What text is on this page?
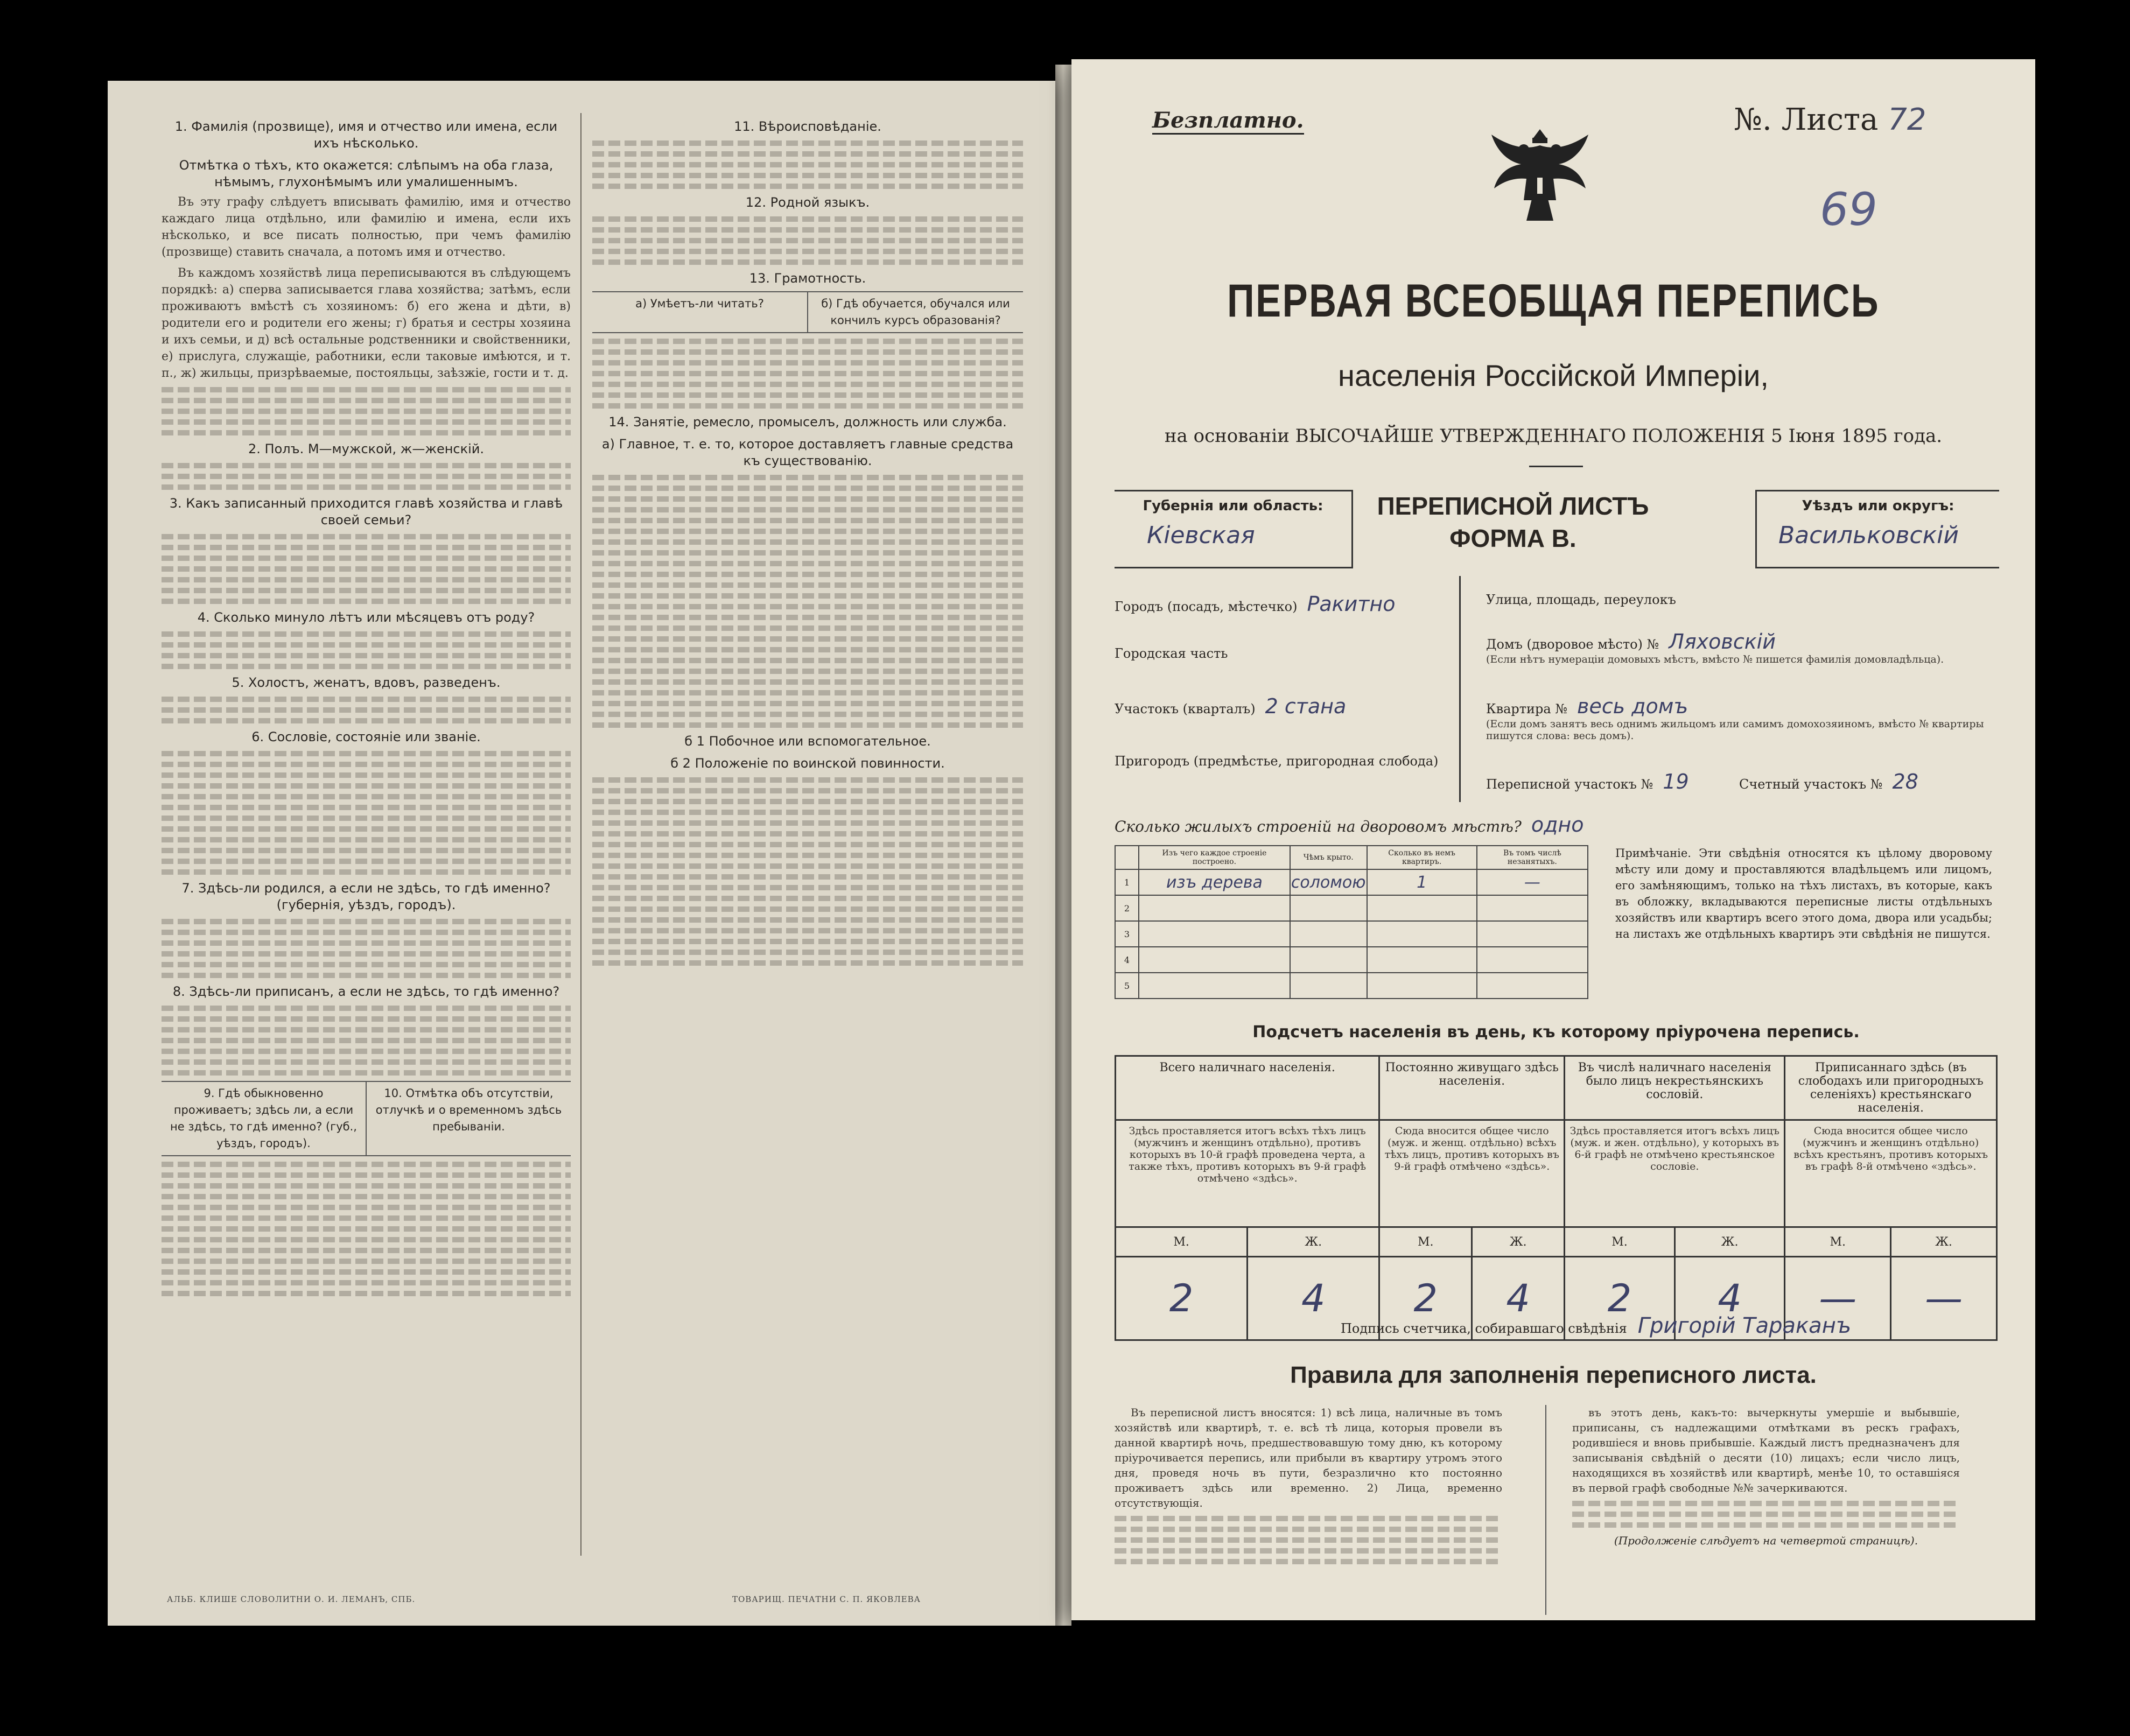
1. Фамилія (прозвище), имя и отчество или имена, если ихъ нѣсколько.
Отмѣтка о тѣхъ, кто окажется: слѣпымъ на оба глаза, нѣмымъ, глухонѣмымъ или умалишеннымъ.

Въ эту графу слѣдуетъ вписывать фамилію, имя и отчество каждаго лица отдѣльно, или фамилію и имена, если ихъ нѣсколько, и все писать полностью, при чемъ фамилію (прозвище) ставить сначала, а потомъ имя и отчество.

Въ каждомъ хозяйствѣ лица переписываются въ слѣдующемъ порядкѣ: а) сперва записывается глава хозяйства; затѣмъ, если проживаютъ вмѣстѣ съ хозяиномъ: б) его жена и дѣти, в) родители его и родители его жены; г) братья и сестры хозяина и ихъ семьи, и д) всѣ остальные родственники и свойственники, е) прислуга, служащіе, работники, если таковые имѣются, и т. п., ж) жильцы, призрѣваемые, постояльцы, заѣзжіе, гости и т. д.

2. Полъ. М—мужской, ж—женскій.
3. Какъ записанный приходится главѣ хозяйства и главѣ своей семьи?
4. Сколько минуло лѣтъ или мѣсяцевъ отъ роду?
5. Холостъ, женатъ, вдовъ, разведенъ.
6. Сословіе, состояніе или званіе.
7. Здѣсь-ли родился, а если не здѣсь, то гдѣ именно? (губернія, уѣздъ, городъ).
8. Здѣсь-ли приписанъ, а если не здѣсь, то гдѣ именно?
9. Гдѣ обыкновенно проживаетъ; здѣсь ли, а если не здѣсь, то гдѣ именно? (губ., уѣздъ, городъ).
10. Отмѣтка объ отсутствіи, отлучкѣ и о временномъ здѣсь пребываніи.
11. Вѣроисповѣданіе.
12. Родной языкъ.
13. Грамотность.
а) Умѣетъ-ли читать?	б) Гдѣ обучается, обучался или кончилъ курсъ образованія?
14. Занятіе, ремесло, промыселъ, должность или служба.
а) Главное, т. е. то, которое доставляетъ главные средства къ существованію.
б 1 Побочное или вспомогательное.
б 2 Положеніе по воинской повинности.
АЛЬБ. КЛИШЕ СЛОВОЛИТНИ О. И. ЛЕМАНЪ, СПБ.	ТОВАРИЩ. ПЕЧАТНИ С. П. ЯКОВЛЕВА
Безплатно.	№. Листа 72
69
ПЕРВАЯ ВСЕОБЩАЯ ПЕРЕПИСЬ
населенія Россійской Имперіи,
на основаніи ВЫСОЧАЙШЕ УТВЕРЖДЕННАГО ПОЛОЖЕНІЯ 5 Іюня 1895 года.
Губернія или область:
Кіевская
ПЕРЕПИСНОЙ ЛИСТЪ
ФОРМА В.
Уѣздъ или округъ:
Васильковскій
Городъ (посадъ, мѣстечко) Ракитно
Городская часть
Участокъ (кварталъ) 2 стана
Пригородъ (предмѣстье, пригородная слобода)
Улица, площадь, переулокъ
Домъ (дворовое мѣсто) № Ляховскій
(Если нѣтъ нумераціи домовыхъ мѣстъ, вмѣсто № пишется фамилія домовладѣльца).
Квартира № весь домъ
(Если домъ занятъ весь однимъ жильцомъ или самимъ домохозяиномъ, вмѣсто № квартиры пишутся слова: весь домъ).
Переписной участокъ № 19	Счетный участокъ № 28
Сколько жилыхъ строеній на дворовомъ мѣстѣ? одно
	Изъ чего каждое строеніе построено.	Чѣмъ крыто.	Сколько въ немъ квартиръ.	Въ томъ числѣ незанятыхъ.
1	изъ дерева	соломою	1	—
2				
3				
4				
5				
Примѣчаніе. Эти свѣдѣнія относятся къ цѣлому дворовому мѣсту или дому и проставляются владѣльцемъ или лицомъ, его замѣняющимъ, только на тѣхъ листахъ, въ которые, какъ въ обложку, вкладываются переписные листы отдѣльныхъ хозяйствъ или квартиръ всего этого дома, двора или усадьбы; на листахъ же отдѣльныхъ квартиръ эти свѣдѣнія не пишутся.
Подсчетъ населенія въ день, къ которому пріурочена перепись.
Всего наличнаго населенія.		Постоянно живущаго здѣсь населенія.		Въ числѣ наличнаго населенія было лицъ некрестьянскихъ сословій.		Приписаннаго здѣсь (въ слободахъ или пригородныхъ селеніяхъ) крестьянскаго населенія.	
Здѣсь проставляется итогъ всѣхъ тѣхъ лицъ (мужчинъ и женщинъ отдѣльно), противъ которыхъ въ 10-й графѣ проведена черта, а также тѣхъ, противъ которыхъ въ 9-й графѣ отмѣчено «здѣсь».		Сюда вносится общее число (муж. и женщ. отдѣльно) всѣхъ тѣхъ лицъ, противъ которыхъ въ 9-й графѣ отмѣчено «здѣсь».		Здѣсь проставляется итогъ всѣхъ лицъ (муж. и жен. отдѣльно), у которыхъ въ 6-й графѣ не отмѣчено крестьянское сословіе.		Сюда вносится общее число (мужчинъ и женщинъ отдѣльно) всѣхъ крестьянъ, противъ которыхъ въ графѣ 8-й отмѣчено «здѣсь».	
М.	Ж.	М.	Ж.	М.	Ж.	М.	Ж.
2	4	2	4	2	4	—	—
Подпись счетчика, собиравшаго свѣдѣнія Григорій Тараканъ
Правила для заполненія переписного листа.

Въ переписной листъ вносятся: 1) всѣ лица, наличные въ томъ хозяйствѣ или квартирѣ, т. е. всѣ тѣ лица, которыя провели въ данной квартирѣ ночь, предшествовавшую тому дню, къ которому пріурочивается перепись, или прибыли въ квартиру утромъ этого дня, проведя ночь въ пути, безразлично кто постоянно проживаетъ здѣсь или временно. 2) Лица, временно отсутствующія.

въ этотъ день, какъ-то: вычеркнуты умершіе и выбывшіе, приписаны, съ надлежащими отмѣтками въ рескъ графахъ, родившіеся и вновь прибывшіе. Каждый листъ предназначенъ для записыванія свѣдѣній о десяти (10) лицахъ; если число лицъ, находящихся въ хозяйствѣ или квартирѣ, менѣе 10, то оставшіяся въ первой графѣ свободные №№ зачеркиваются.

(Продолженіе слѣдуетъ на четвертой страницѣ).
